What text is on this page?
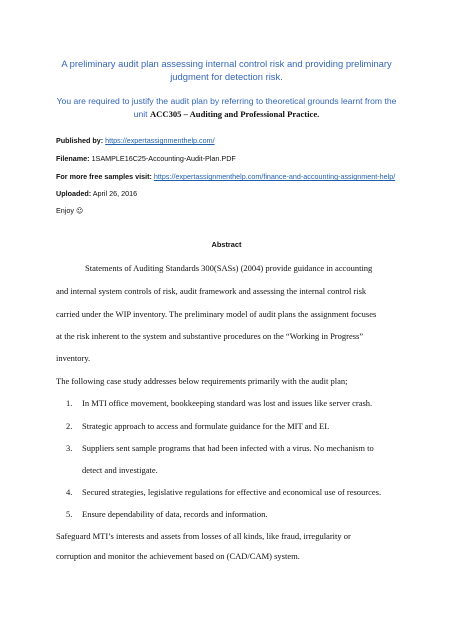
A preliminary audit plan assessing internal control risk and providing preliminary judgment for detection risk.
You are required to justify the audit plan by referring to theoretical grounds learnt from the unit ACC305 – Auditing and Professional Practice.
Published by: https://expertassignmenthelp.com/
Filename: 1SAMPLE16C25-Accounting-Audit-Plan.PDF
For more free samples visit: https://expertassignmenthelp.com/finance-and-accounting-assignment-help/
Uploaded: April 26, 2016
Enjoy ☺
Abstract
Statements of Auditing Standards 300(SASs) (2004) provide guidance in accounting
and internal system controls of risk, audit framework and assessing the internal control risk
carried under the WIP inventory. The preliminary model of audit plans the assignment focuses
at the risk inherent to the system and substantive procedures on the “Working in Progress”
inventory.
The following case study addresses below requirements primarily with the audit plan;
1. In MTI office movement, bookkeeping standard was lost and issues like server crash.
2. Strategic approach to access and formulate guidance for the MIT and EI.
3. Suppliers sent sample programs that had been infected with a virus. No mechanism to
detect and investigate.
4. Secured strategies, legislative regulations for effective and economical use of resources.
5. Ensure dependability of data, records and information.
Safeguard MTI’s interests and assets from losses of all kinds, like fraud, irregularity or
corruption and monitor the achievement based on (CAD/CAM) system.
